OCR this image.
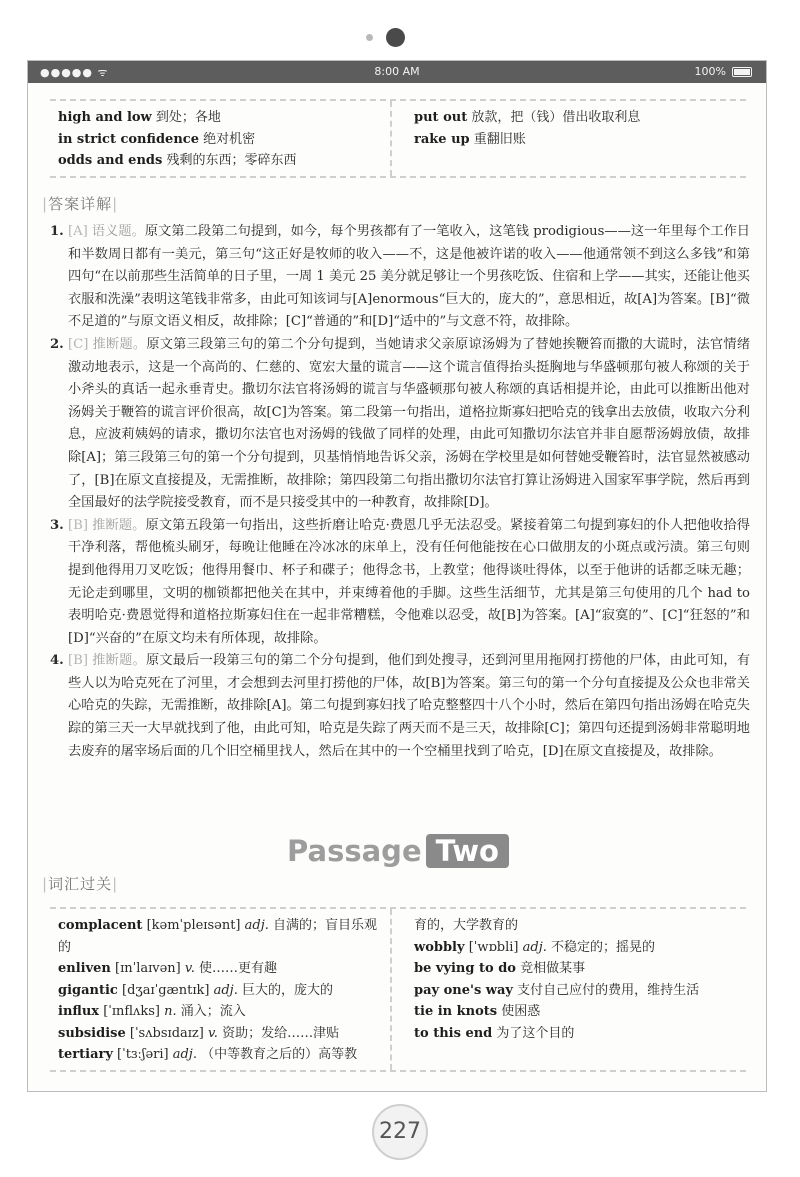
●●●●● ᯤ	8:00 AM	100%
high and low 到处；各地
in strict confidence 绝对机密
odds and ends 残剩的东西；零碎东西
put out 放款，把（钱）借出收取利息
rake up 重翻旧账
|答案详解|
1. [A] 语义题。原文第二段第二句提到，如今，每个男孩都有了一笔收入，这笔钱 prodigious——这一年里每个工作日和半数周日都有一美元，第三句“这正好是牧师的收入——不，这是他被许诺的收入——他通常领不到这么多钱”和第四句“在以前那些生活简单的日子里，一周 1 美元 25 美分就足够让一个男孩吃饭、住宿和上学——其实，还能让他买衣服和洗澡”表明这笔钱非常多，由此可知该词与[A]enormous“巨大的，庞大的”，意思相近，故[A]为答案。[B]“微不足道的”与原文语义相反，故排除；[C]“普通的”和[D]“适中的”与文意不符，故排除。
2. [C] 推断题。原文第三段第三句的第二个分句提到，当她请求父亲原谅汤姆为了替她挨鞭笞而撒的大谎时，法官情绪激动地表示，这是一个高尚的、仁慈的、宽宏大量的谎言——这个谎言值得抬头挺胸地与华盛顿那句被人称颂的关于小斧头的真话一起永垂青史。撒切尔法官将汤姆的谎言与华盛顿那句被人称颂的真话相提并论，由此可以推断出他对汤姆关于鞭笞的谎言评价很高，故[C]为答案。第二段第一句指出，道格拉斯寡妇把哈克的钱拿出去放债，收取六分利息，应波莉姨妈的请求，撒切尔法官也对汤姆的钱做了同样的处理，由此可知撒切尔法官并非自愿帮汤姆放债，故排除[A]；第三段第三句的第一个分句提到，贝基悄悄地告诉父亲，汤姆在学校里是如何替她受鞭笞时，法官显然被感动了，[B]在原文直接提及，无需推断，故排除；第四段第二句指出撒切尔法官打算让汤姆进入国家军事学院，然后再到全国最好的法学院接受教育，而不是只接受其中的一种教育，故排除[D]。
3. [B] 推断题。原文第五段第一句指出，这些折磨让哈克·费恩几乎无法忍受。紧接着第二句提到寡妇的仆人把他收拾得干净利落，帮他梳头刷牙，每晚让他睡在冷冰冰的床单上，没有任何他能按在心口做朋友的小斑点或污渍。第三句则提到他得用刀叉吃饭；他得用餐巾、杯子和碟子；他得念书，上教堂；他得谈吐得体，以至于他讲的话都乏味无趣；无论走到哪里，文明的枷锁都把他关在其中，并束缚着他的手脚。这些生活细节，尤其是第三句使用的几个 had to 表明哈克·费恩觉得和道格拉斯寡妇住在一起非常糟糕，令他难以忍受，故[B]为答案。[A]“寂寞的”、[C]“狂怒的”和[D]“兴奋的”在原文均未有所体现，故排除。
4. [B] 推断题。原文最后一段第三句的第二个分句提到，他们到处搜寻，还到河里用拖网打捞他的尸体，由此可知，有些人以为哈克死在了河里，才会想到去河里打捞他的尸体，故[B]为答案。第三句的第一个分句直接提及公众也非常关心哈克的失踪，无需推断，故排除[A]。第二句提到寡妇找了哈克整整四十八个小时，然后在第四句指出汤姆在哈克失踪的第三天一大早就找到了他，由此可知，哈克是失踪了两天而不是三天，故排除[C]；第四句还提到汤姆非常聪明地去废弃的屠宰场后面的几个旧空桶里找人，然后在其中的一个空桶里找到了哈克，[D]在原文直接提及，故排除。
Passage Two
|词汇过关|
complacent [kəmˈpleɪsənt] adj. 自满的；盲目乐观的
enliven [ɪnˈlaɪvən] v. 使……更有趣
gigantic [dʒaɪˈgæntɪk] adj. 巨大的，庞大的
influx [ˈɪnflʌks] n. 涌入；流入
subsidise [ˈsʌbsɪdaɪz] v. 资助；发给……津贴
tertiary [ˈtɜːʃəri] adj. （中等教育之后的）高等教
育的，大学教育的
wobbly [ˈwɒbli] adj. 不稳定的；摇晃的
be vying to do 竞相做某事
pay one's way 支付自己应付的费用，维持生活
tie in knots 使困惑
to this end 为了这个目的
227
